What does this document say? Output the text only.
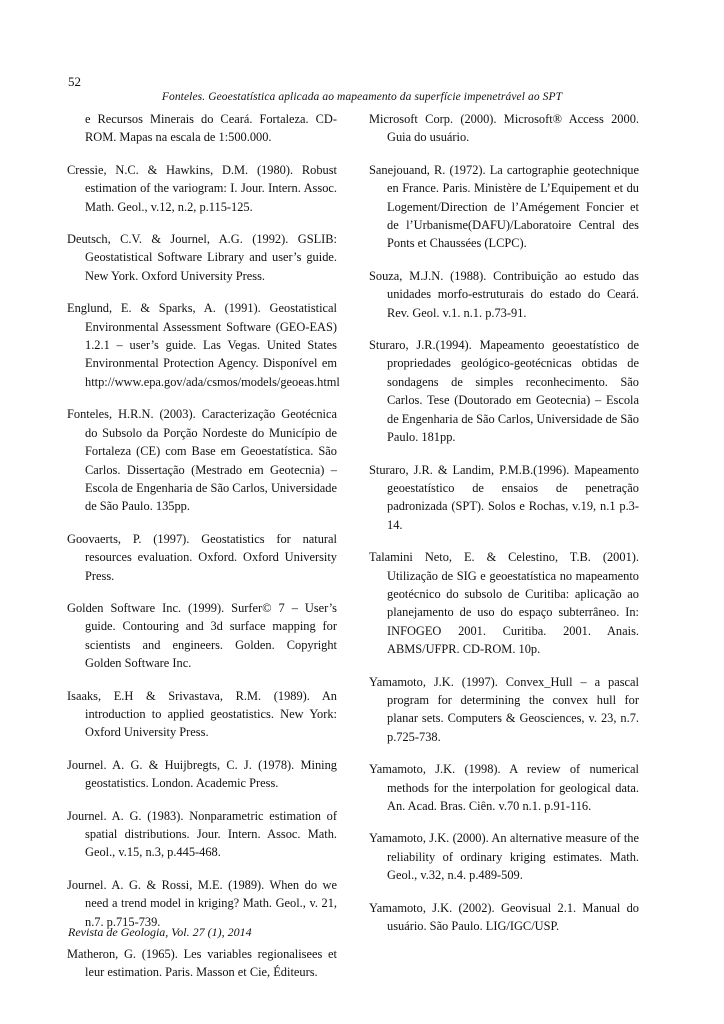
52
Fonteles. Geoestatística aplicada ao mapeamento da superfície impenetrável ao SPT

e Recursos Minerais do Ceará. Fortaleza. CD-ROM. Mapas na escala de 1:500.000.

Cressie, N.C. & Hawkins, D.M. (1980). Robust estimation of the variogram: I. Jour. Intern. Assoc. Math. Geol., v.12, n.2, p.115-125.

Deutsch, C.V. & Journel, A.G. (1992). GSLIB: Geostatistical Software Library and user’s guide. New York. Oxford University Press.

Englund, E. & Sparks, A. (1991). Geostatistical Environmental Assessment Software (GEO-EAS) 1.2.1 – user’s guide. Las Vegas. United States Environmental Protection Agency. Disponível em http://www.epa.gov/ada/csmos/models/geoeas.html

Fonteles, H.R.N. (2003). Caracterização Geotécnica do Subsolo da Porção Nordeste do Município de Fortaleza (CE) com Base em Geoestatística. São Carlos. Dissertação (Mestrado em Geotecnia) – Escola de Engenharia de São Carlos, Universidade de São Paulo. 135pp.

Goovaerts, P. (1997). Geostatistics for natural resources evaluation. Oxford. Oxford University Press.

Golden Software Inc. (1999). Surfer© 7 – User’s guide. Contouring and 3d surface mapping for scientists and engineers. Golden. Copyright Golden Software Inc.

Isaaks, E.H & Srivastava, R.M. (1989). An introduction to applied geostatistics. New York: Oxford University Press.

Journel. A. G. & Huijbregts, C. J. (1978). Mining geostatistics. London. Academic Press.

Journel. A. G. (1983). Nonparametric estimation of spatial distributions. Jour. Intern. Assoc. Math. Geol., v.15, n.3, p.445-468.

Journel. A. G. & Rossi, M.E. (1989). When do we need a trend model in kriging? Math. Geol., v. 21, n.7. p.715-739.

Matheron, G. (1965). Les variables regionalisees et leur estimation. Paris. Masson et Cie, Éditeurs.

Microsoft Corp. (2000). Microsoft® Access 2000. Guia do usuário.

Sanejouand, R. (1972). La cartographie geotechnique en France. Paris. Ministère de L’Equipement et du Logement/Direction de l’Amégement Foncier et de l’Urbanisme(DAFU)/Laboratoire Central des Ponts et Chaussées (LCPC).

Souza, M.J.N. (1988). Contribuição ao estudo das unidades morfo-estruturais do estado do Ceará. Rev. Geol. v.1. n.1. p.73-91.

Sturaro, J.R.(1994). Mapeamento geoestatístico de propriedades geológico-geotécnicas obtidas de sondagens de simples reconhecimento. São Carlos. Tese (Doutorado em Geotecnia) – Escola de Engenharia de São Carlos, Universidade de São Paulo. 181pp.

Sturaro, J.R. & Landim, P.M.B.(1996). Mapeamento geoestatístico de ensaios de penetração padronizada (SPT). Solos e Rochas, v.19, n.1 p.3-14.

Talamini Neto, E. & Celestino, T.B. (2001). Utilização de SIG e geoestatística no mapeamento geotécnico do subsolo de Curitiba: aplicação ao planejamento de uso do espaço subterrâneo. In: INFOGEO 2001. Curitiba. 2001. Anais. ABMS/UFPR. CD-ROM. 10p.

Yamamoto, J.K. (1997). Convex_Hull – a pascal program for determining the convex hull for planar sets. Computers & Geosciences, v. 23, n.7. p.725-738.

Yamamoto, J.K. (1998). A review of numerical methods for the interpolation for geological data. An. Acad. Bras. Ciên. v.70 n.1. p.91-116.

Yamamoto, J.K. (2000). An alternative measure of the reliability of ordinary kriging estimates. Math. Geol., v.32, n.4. p.489-509.

Yamamoto, J.K. (2002). Geovisual 2.1. Manual do usuário. São Paulo. LIG/IGC/USP.

Revista de Geologia, Vol. 27 (1), 2014
